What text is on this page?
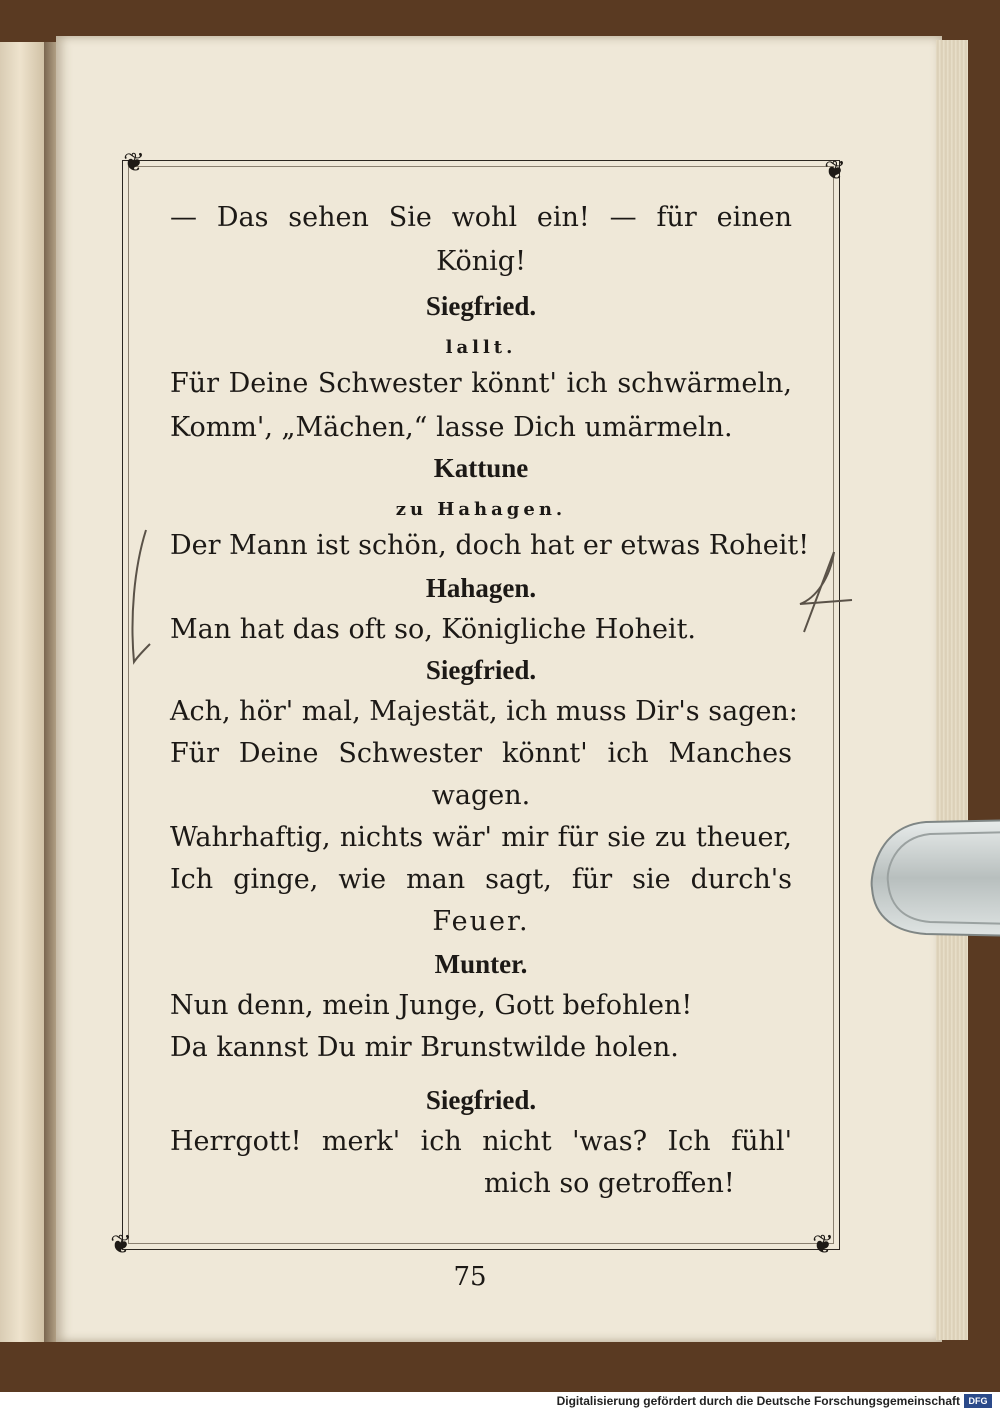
❦	❦
❦	❦
— Das sehen Sie wohl ein! — für einen
König!
Siegfried.
lallt.
Für Deine Schwester könnt' ich schwärmeln,
Komm', „Mächen,“ lasse Dich umärmeln.
Kattune
zu Hahagen.
Der Mann ist schön, doch hat er etwas Roheit!
Hahagen.
Man hat das oft so, Königliche Hoheit.
Siegfried.
Ach, hör' mal, Majestät, ich muss Dir's sagen:
Für Deine Schwester könnt' ich Manches
wagen.
Wahrhaftig, nichts wär' mir für sie zu theuer,
Ich ginge, wie man sagt, für sie durch's
Feuer.
Munter.
Nun denn, mein Junge, Gott befohlen!
Da kannst Du mir Brunstwilde holen.
Siegfried.
Herrgott! merk' ich nicht 'was? Ich fühl'
mich so getroffen!
75
Digitalisierung gefördert durch die Deutsche Forschungsgemeinschaft DFG
